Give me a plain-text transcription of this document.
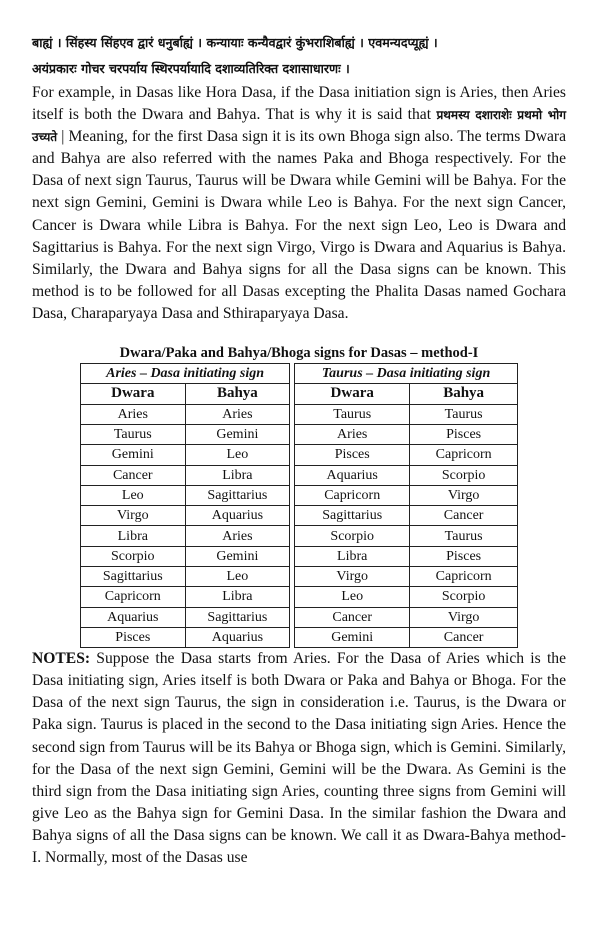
बाह्यं । सिंहस्य सिंहएव द्वारं धनुर्बाह्यं । कन्यायाः कन्यैवद्वारं कुंभराशिर्बाह्यं । एवमन्यदप्यूह्यं ।

अयंप्रकारः गोचर चरपर्याय स्थिरपर्यायादि दशाव्यतिरिक्त दशासाधारणः ।

For example, in Dasas like Hora Dasa, if the Dasa initiation sign is Aries, then Aries itself is both the Dwara and Bahya. That is why it is said that प्रथमस्य दशाराशेः प्रथमो भोग उच्यते | Meaning, for the first Dasa sign it is its own Bhoga sign also. The terms Dwara and Bahya are also referred with the names Paka and Bhoga respectively. For the Dasa of next sign Taurus, Taurus will be Dwara while Gemini will be Bahya. For the next sign Gemini, Gemini is Dwara while Leo is Bahya. For the next sign Cancer, Cancer is Dwara while Libra is Bahya. For the next sign Leo, Leo is Dwara and Sagittarius is Bahya. For the next sign Virgo, Virgo is Dwara and Aquarius is Bahya. Similarly, the Dwara and Bahya signs for all the Dasa signs can be known. This method is to be followed for all Dasas excepting the Phalita Dasas named Gochara Dasa, Charaparyaya Dasa and Sthiraparyaya Dasa.

Dwara/Paka and Bahya/Bhoga signs for Dasas – method-I
Aries – Dasa initiating sign			Taurus – Dasa initiating sign	
Dwara	Bahya		Dwara	Bahya
Aries	Aries		Taurus	Taurus
Taurus	Gemini		Aries	Pisces
Gemini	Leo		Pisces	Capricorn
Cancer	Libra		Aquarius	Scorpio
Leo	Sagittarius		Capricorn	Virgo
Virgo	Aquarius		Sagittarius	Cancer
Libra	Aries		Scorpio	Taurus
Scorpio	Gemini		Libra	Pisces
Sagittarius	Leo		Virgo	Capricorn
Capricorn	Libra		Leo	Scorpio
Aquarius	Sagittarius		Cancer	Virgo
Pisces	Aquarius		Gemini	Cancer

NOTES: Suppose the Dasa starts from Aries. For the Dasa of Aries which is the Dasa initiating sign, Aries itself is both Dwara or Paka and Bahya or Bhoga. For the Dasa of the next sign Taurus, the sign in consideration i.e. Taurus, is the Dwara or Paka sign. Taurus is placed in the second to the Dasa initiating sign Aries. Hence the second sign from Taurus will be its Bahya or Bhoga sign, which is Gemini. Similarly, for the Dasa of the next sign Gemini, Gemini will be the Dwara. As Gemini is the third sign from the Dasa initiating sign Aries, counting three signs from Gemini will give Leo as the Bahya sign for Gemini Dasa. In the similar fashion the Dwara and Bahya signs of all the Dasa signs can be known. We call it as Dwara-Bahya method-I. Normally, most of the Dasas use
